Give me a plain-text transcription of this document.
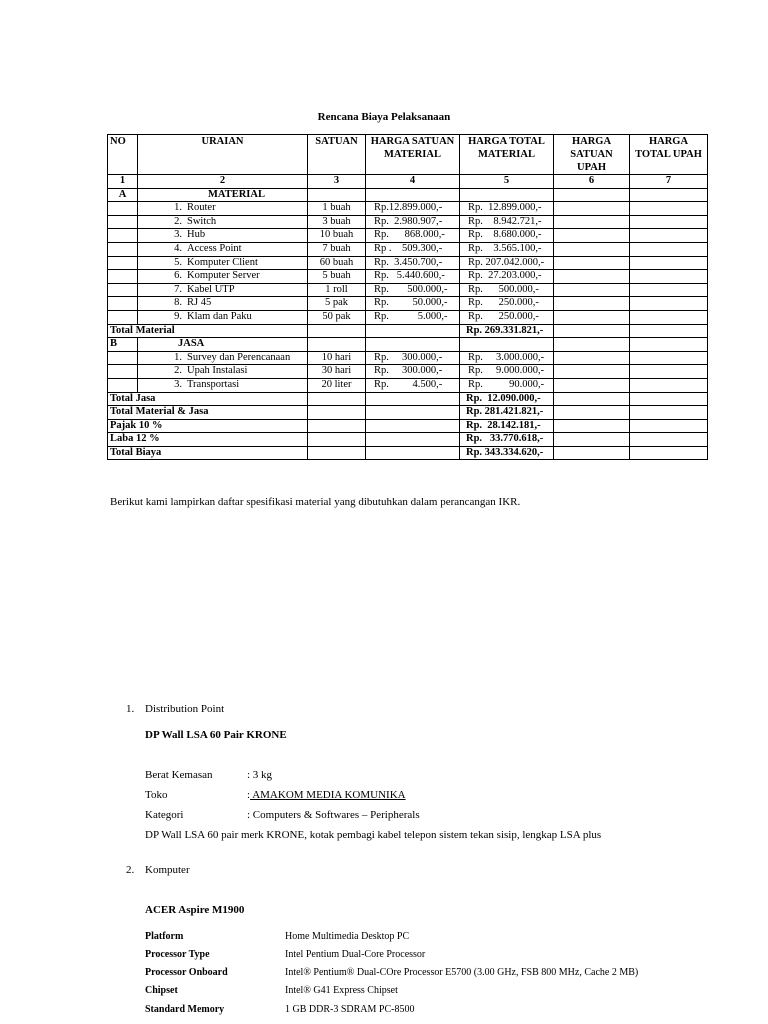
Rencana Biaya Pelaksanaan
NO	URAIAN	SATUAN	HARGA SATUAN MATERIAL	HARGA TOTAL MATERIAL	HARGA SATUAN UPAH	HARGA TOTAL UPAH
1	2	3	4	5	6	7
A	MATERIAL					
	1. Router	1 buah	Rp.12.899.000,-	Rp.  12.899.000,-		
	2. Switch	3 buah	Rp.  2.980.907,-	Rp.    8.942.721,-		
	3. Hub	10 buah	Rp.      868.000,-	Rp.    8.680.000,-		
	4. Access Point	7 buah	Rp .    509.300,-	Rp.    3.565.100,-		
	5. Komputer Client	60 buah	Rp.  3.450.700,-	Rp. 207.042.000,-		
	6. Komputer Server	5 buah	Rp.   5.440.600,-	Rp.  27.203.000,-		
	7. Kabel UTP	1 roll	Rp.       500.000,-	Rp.      500.000,-		
	8. RJ 45	5 pak	Rp.         50.000,-	Rp.      250.000,-		
	9. Klam dan Paku	50 pak	Rp.           5.000,-	Rp.      250.000,-		
Total Material				Rp. 269.331.821,-		
B	JASA					
	1. Survey dan Perencanaan	10 hari	Rp.     300.000,-	Rp.     3.000.000,-		
	2. Upah Instalasi	30 hari	Rp.     300.000,-	Rp.     9.000.000,-		
	3. Transportasi	20 liter	Rp.         4.500,-	Rp.          90.000,-		
Total Jasa				Rp.  12.090.000,-		
Total Material & Jasa				Rp. 281.421.821,-		
Pajak 10 %				Rp.  28.142.181,-		
Laba 12 %				Rp.   33.770.618,-		
Total Biaya				Rp. 343.334.620,-		
Berikut kami lampirkan daftar spesifikasi material yang dibutuhkan dalam perancangan IKR.
1. Distribution Point
DP Wall LSA 60 Pair KRONE
Berat Kemasan	: 3 kg
Toko	: AMAKOM MEDIA KOMUNIKA
Kategori	: Computers & Softwares – Peripherals
DP Wall LSA 60 pair merk KRONE, kotak pembagi kabel telepon sistem tekan sisip, lengkap LSA plus
2. Komputer
ACER Aspire M1900
Platform	Home Multimedia Desktop PC
Processor Type	Intel Pentium Dual-Core Processor
Processor Onboard	Intel® Pentium® Dual-COre Processor E5700 (3.00 GHz, FSB 800 MHz, Cache 2 MB)
Chipset	Intel® G41 Express Chipset
Standard Memory	1 GB DDR-3 SDRAM PC-8500
